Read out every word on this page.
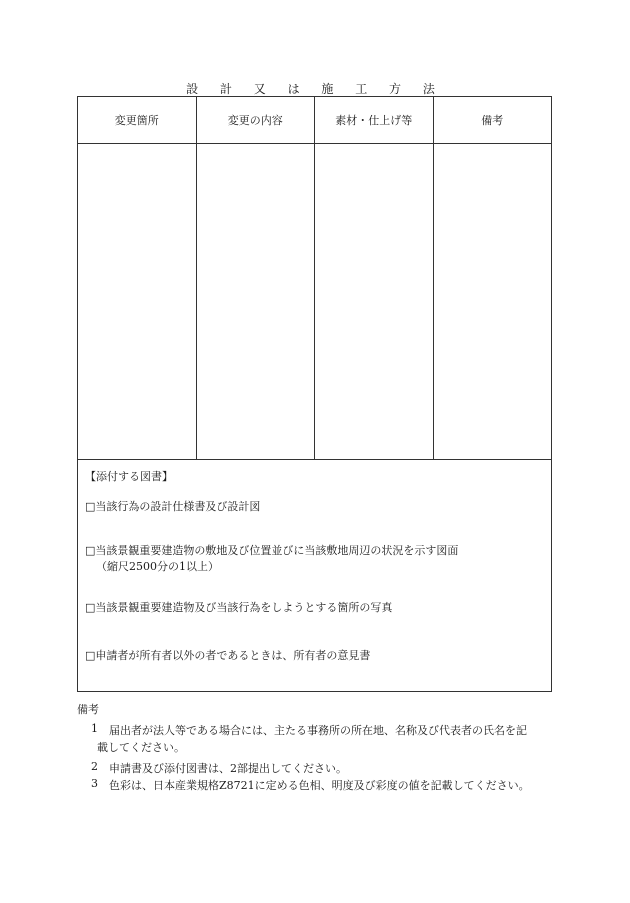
設 計 又 は 施 工 方 法
変更箇所	変更の内容	素材・仕上げ等	備考
【添付する図書】
□当該行為の設計仕様書及び設計図
□当該景観重要建造物の敷地及び位置並びに当該敷地周辺の状況を示す図面
（縮尺2500分の1以上）
□当該景観重要建造物及び当該行為をしようとする箇所の写真
□申請者が所有者以外の者であるときは、所有者の意見書
備考
1 届出者が法人等である場合には、主たる事務所の所在地、名称及び代表者の氏名を記
載してください。
2 申請書及び添付図書は、2部提出してください。
3 色彩は、日本産業規格Z8721に定める色相、明度及び彩度の値を記載してください。
